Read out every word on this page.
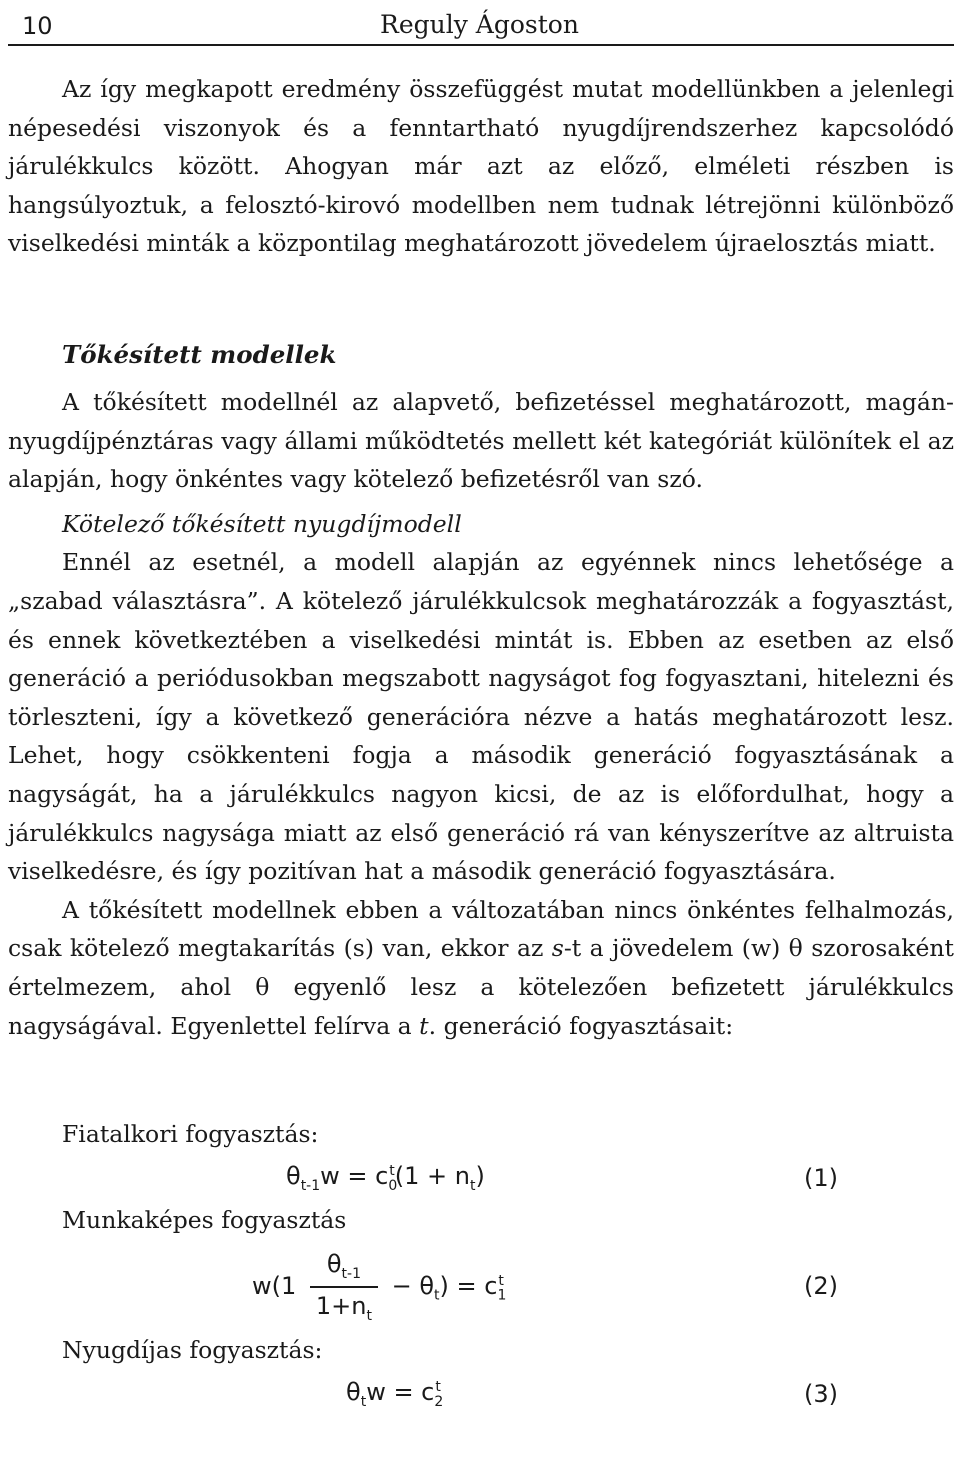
10	Reguly Ágoston

Az így megkapott eredmény összefüggést mutat modellünkben a jelenlegi népesedési viszonyok és a fenntartható nyugdíjrendszerhez kapcsolódó járulékkulcs között. Ahogyan már azt az előző, elméleti részben is hangsúlyoztuk, a felosztó-kirovó modellben nem tudnak létrejönni különböző viselkedési minták a központilag meghatározott jövedelem újraelosztás miatt.

Tőkésített modellek

A tőkésített modellnél az alapvető, befizetéssel meghatározott, magán-nyugdíjpénztáras vagy állami működtetés mellett két kategóriát különítek el az alapján, hogy önkéntes vagy kötelező befizetésről van szó.

Kötelező tőkésített nyugdíjmodell

Ennél az esetnél, a modell alapján az egyénnek nincs lehetősége a „szabad választásra”. A kötelező járulékkulcsok meghatározzák a fogyasztást, és ennek következtében a viselkedési mintát is. Ebben az esetben az első generáció a periódusokban megszabott nagyságot fog fogyasztani, hitelezni és törleszteni, így a következő generációra nézve a hatás meghatározott lesz. Lehet, hogy csökkenteni fogja a második generáció fogyasztásának a nagyságát, ha a járulékkulcs nagyon kicsi, de az is előfordulhat, hogy a járulékkulcs nagysága miatt az első generáció rá van kényszerítve az altruista viselkedésre, és így pozitívan hat a második generáció fogyasztására.

A tőkésített modellnek ebben a változatában nincs önkéntes felhalmozás, csak kötelező megtakarítás (s) van, ekkor az s-t a jövedelem (w) θ szorosaként értelmezem, ahol θ egyenlő lesz a kötelezően befizetett járulékkulcs nagyságával. Egyenlettel felírva a t. generáció fogyasztásait:

Fiatalkori fogyasztás:
$\theta_{t-1}w = c_0^t(1 + n_t)$	(1)
Munkaképes fogyasztás
$w(1 \frac{\theta_{t-1}}{1+n_t} - \theta_t) = c_1^t$	(2)
Nyugdíjas fogyasztás:
$\theta_tw = c_2^t$	(3)
